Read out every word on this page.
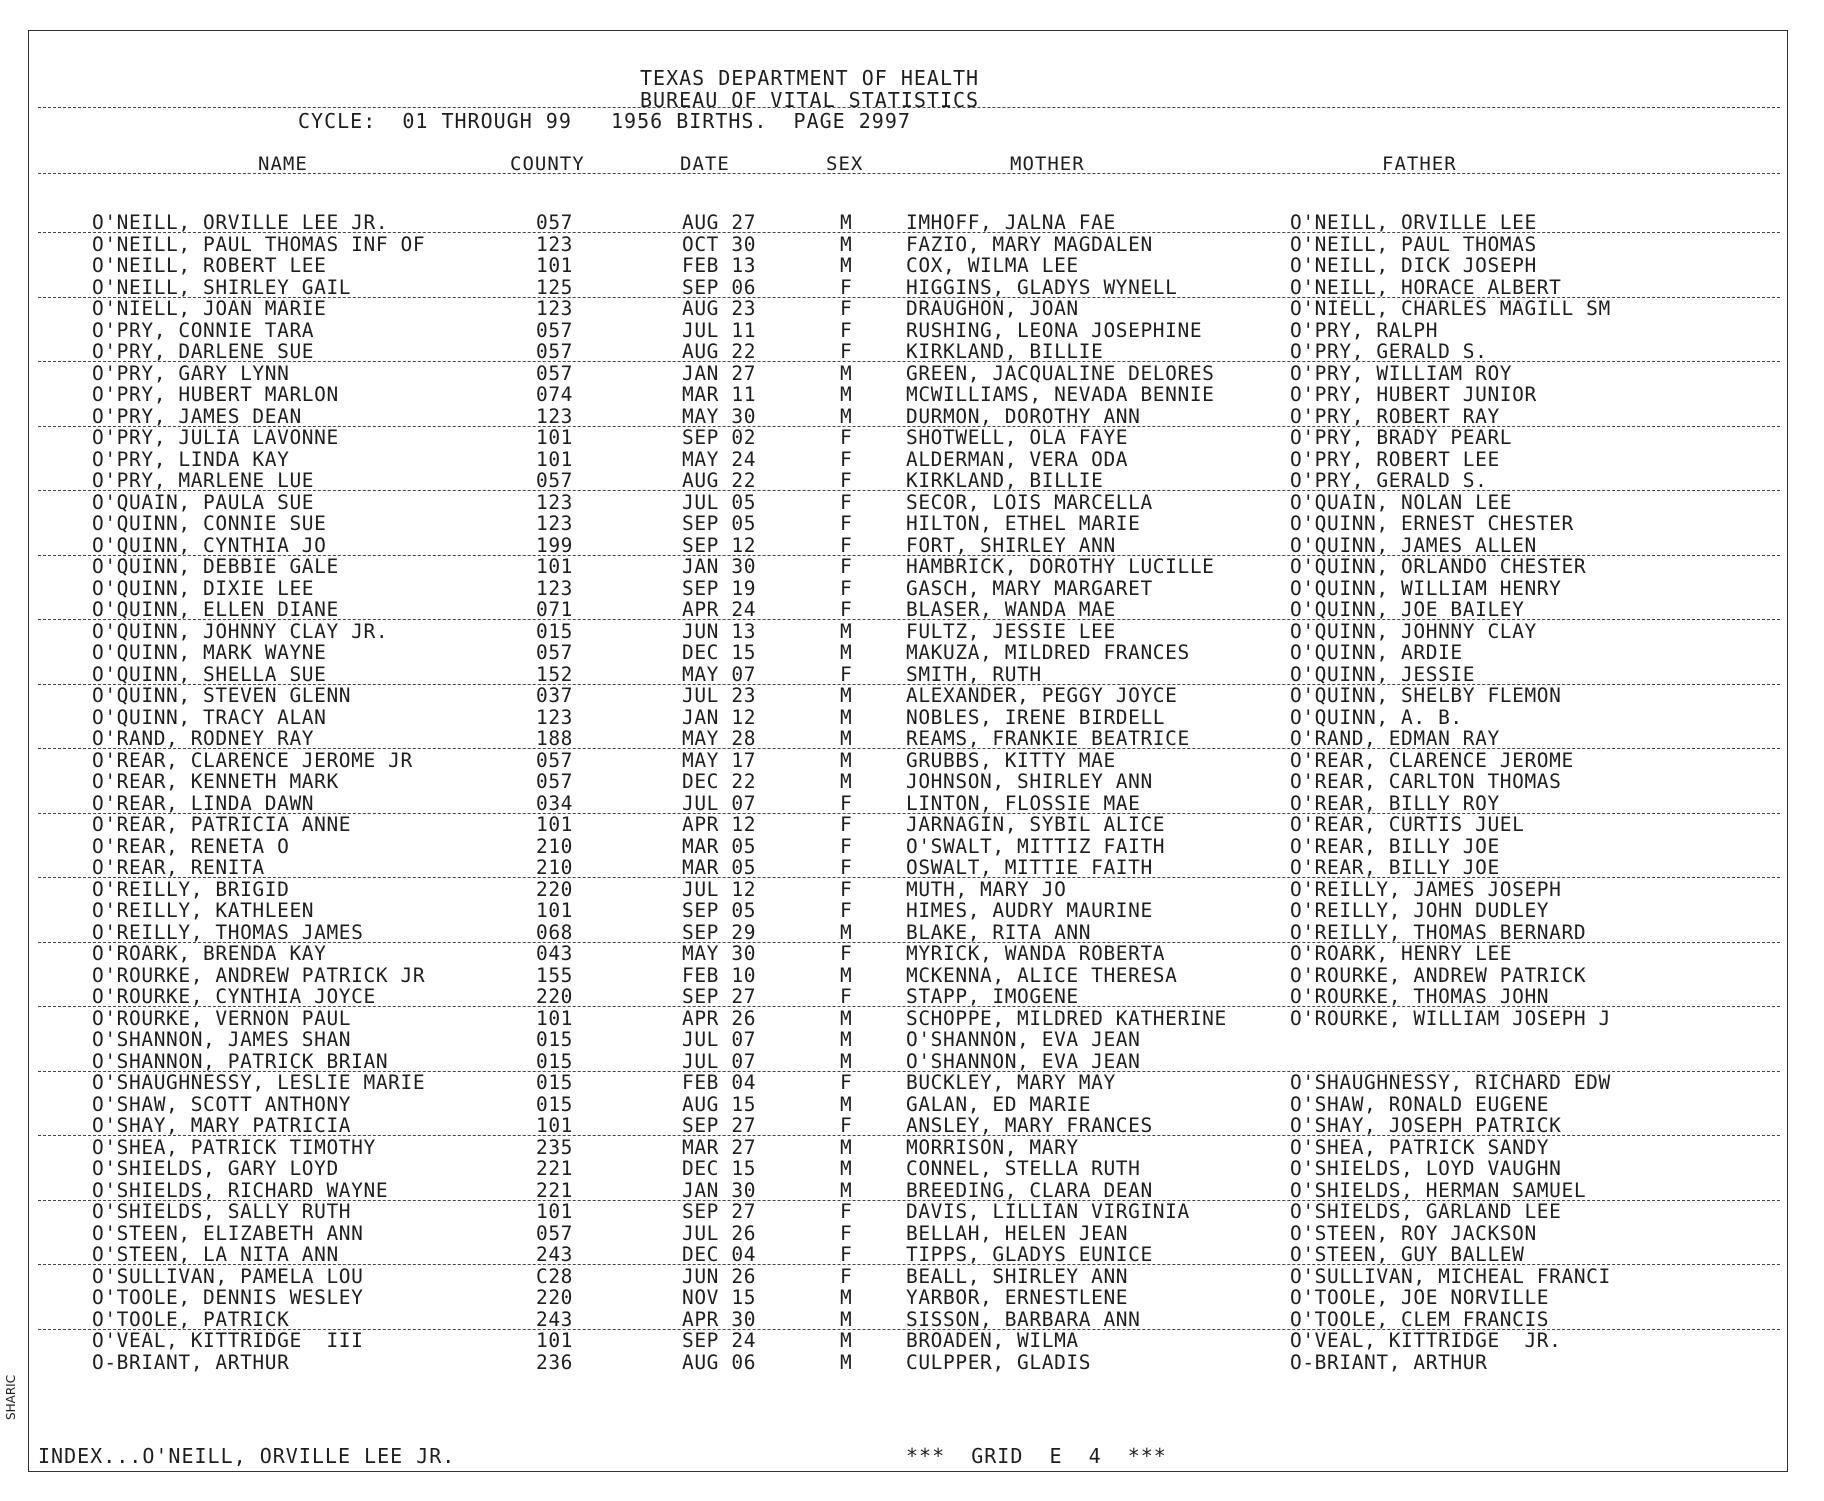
TEXAS DEPARTMENT OF HEALTH
BUREAU OF VITAL STATISTICS
CYCLE:  01 THROUGH 99   1956 BIRTHS.  PAGE 2997
NAME	COUNTY	DATE	SEX	MOTHER	FATHER
O'NEILL, ORVILLE LEE JR.	057	AUG 27	M	IMHOFF, JALNA FAE	O'NEILL, ORVILLE LEE
O'NEILL, PAUL THOMAS INF OF	123	OCT 30	M	FAZIO, MARY MAGDALEN	O'NEILL, PAUL THOMAS
O'NEILL, ROBERT LEE	101	FEB 13	M	COX, WILMA LEE	O'NEILL, DICK JOSEPH
O'NEILL, SHIRLEY GAIL	125	SEP 06	F	HIGGINS, GLADYS WYNELL	O'NEILL, HORACE ALBERT
O'NIELL, JOAN MARIE	123	AUG 23	F	DRAUGHON, JOAN	O'NIELL, CHARLES MAGILL SM
O'PRY, CONNIE TARA	057	JUL 11	F	RUSHING, LEONA JOSEPHINE	O'PRY, RALPH
O'PRY, DARLENE SUE	057	AUG 22	F	KIRKLAND, BILLIE	O'PRY, GERALD S.
O'PRY, GARY LYNN	057	JAN 27	M	GREEN, JACQUALINE DELORES	O'PRY, WILLIAM ROY
O'PRY, HUBERT MARLON	074	MAR 11	M	MCWILLIAMS, NEVADA BENNIE	O'PRY, HUBERT JUNIOR
O'PRY, JAMES DEAN	123	MAY 30	M	DURMON, DOROTHY ANN	O'PRY, ROBERT RAY
O'PRY, JULIA LAVONNE	101	SEP 02	F	SHOTWELL, OLA FAYE	O'PRY, BRADY PEARL
O'PRY, LINDA KAY	101	MAY 24	F	ALDERMAN, VERA ODA	O'PRY, ROBERT LEE
O'PRY, MARLENE LUE	057	AUG 22	F	KIRKLAND, BILLIE	O'PRY, GERALD S.
O'QUAIN, PAULA SUE	123	JUL 05	F	SECOR, LOIS MARCELLA	O'QUAIN, NOLAN LEE
O'QUINN, CONNIE SUE	123	SEP 05	F	HILTON, ETHEL MARIE	O'QUINN, ERNEST CHESTER
O'QUINN, CYNTHIA JO	199	SEP 12	F	FORT, SHIRLEY ANN	O'QUINN, JAMES ALLEN
O'QUINN, DEBBIE GALE	101	JAN 30	F	HAMBRICK, DOROTHY LUCILLE	O'QUINN, ORLANDO CHESTER
O'QUINN, DIXIE LEE	123	SEP 19	F	GASCH, MARY MARGARET	O'QUINN, WILLIAM HENRY
O'QUINN, ELLEN DIANE	071	APR 24	F	BLASER, WANDA MAE	O'QUINN, JOE BAILEY
O'QUINN, JOHNNY CLAY JR.	015	JUN 13	M	FULTZ, JESSIE LEE	O'QUINN, JOHNNY CLAY
O'QUINN, MARK WAYNE	057	DEC 15	M	MAKUZA, MILDRED FRANCES	O'QUINN, ARDIE
O'QUINN, SHELLA SUE	152	MAY 07	F	SMITH, RUTH	O'QUINN, JESSIE
O'QUINN, STEVEN GLENN	037	JUL 23	M	ALEXANDER, PEGGY JOYCE	O'QUINN, SHELBY FLEMON
O'QUINN, TRACY ALAN	123	JAN 12	M	NOBLES, IRENE BIRDELL	O'QUINN, A. B.
O'RAND, RODNEY RAY	188	MAY 28	M	REAMS, FRANKIE BEATRICE	O'RAND, EDMAN RAY
O'REAR, CLARENCE JEROME JR	057	MAY 17	M	GRUBBS, KITTY MAE	O'REAR, CLARENCE JEROME
O'REAR, KENNETH MARK	057	DEC 22	M	JOHNSON, SHIRLEY ANN	O'REAR, CARLTON THOMAS
O'REAR, LINDA DAWN	034	JUL 07	F	LINTON, FLOSSIE MAE	O'REAR, BILLY ROY
O'REAR, PATRICIA ANNE	101	APR 12	F	JARNAGIN, SYBIL ALICE	O'REAR, CURTIS JUEL
O'REAR, RENETA O	210	MAR 05	F	O'SWALT, MITTIZ FAITH	O'REAR, BILLY JOE
O'REAR, RENITA	210	MAR 05	F	OSWALT, MITTIE FAITH	O'REAR, BILLY JOE
O'REILLY, BRIGID	220	JUL 12	F	MUTH, MARY JO	O'REILLY, JAMES JOSEPH
O'REILLY, KATHLEEN	101	SEP 05	F	HIMES, AUDRY MAURINE	O'REILLY, JOHN DUDLEY
O'REILLY, THOMAS JAMES	068	SEP 29	M	BLAKE, RITA ANN	O'REILLY, THOMAS BERNARD
O'ROARK, BRENDA KAY	043	MAY 30	F	MYRICK, WANDA ROBERTA	O'ROARK, HENRY LEE
O'ROURKE, ANDREW PATRICK JR	155	FEB 10	M	MCKENNA, ALICE THERESA	O'ROURKE, ANDREW PATRICK
O'ROURKE, CYNTHIA JOYCE	220	SEP 27	F	STAPP, IMOGENE	O'ROURKE, THOMAS JOHN
O'ROURKE, VERNON PAUL	101	APR 26	M	SCHOPPE, MILDRED KATHERINE	O'ROURKE, WILLIAM JOSEPH J
O'SHANNON, JAMES SHAN	015	JUL 07	M	O'SHANNON, EVA JEAN
O'SHANNON, PATRICK BRIAN	015	JUL 07	M	O'SHANNON, EVA JEAN
O'SHAUGHNESSY, LESLIE MARIE	015	FEB 04	F	BUCKLEY, MARY MAY	O'SHAUGHNESSY, RICHARD EDW
O'SHAW, SCOTT ANTHONY	015	AUG 15	M	GALAN, ED MARIE	O'SHAW, RONALD EUGENE
O'SHAY, MARY PATRICIA	101	SEP 27	F	ANSLEY, MARY FRANCES	O'SHAY, JOSEPH PATRICK
O'SHEA, PATRICK TIMOTHY	235	MAR 27	M	MORRISON, MARY	O'SHEA, PATRICK SANDY
O'SHIELDS, GARY LOYD	221	DEC 15	M	CONNEL, STELLA RUTH	O'SHIELDS, LOYD VAUGHN
O'SHIELDS, RICHARD WAYNE	221	JAN 30	M	BREEDING, CLARA DEAN	O'SHIELDS, HERMAN SAMUEL
O'SHIELDS, SALLY RUTH	101	SEP 27	F	DAVIS, LILLIAN VIRGINIA	O'SHIELDS, GARLAND LEE
O'STEEN, ELIZABETH ANN	057	JUL 26	F	BELLAH, HELEN JEAN	O'STEEN, ROY JACKSON
O'STEEN, LA NITA ANN	243	DEC 04	F	TIPPS, GLADYS EUNICE	O'STEEN, GUY BALLEW
O'SULLIVAN, PAMELA LOU	C28	JUN 26	F	BEALL, SHIRLEY ANN	O'SULLIVAN, MICHEAL FRANCI
O'TOOLE, DENNIS WESLEY	220	NOV 15	M	YARBOR, ERNESTLENE	O'TOOLE, JOE NORVILLE
O'TOOLE, PATRICK	243	APR 30	M	SISSON, BARBARA ANN	O'TOOLE, CLEM FRANCIS
O'VEAL, KITTRIDGE  III	101	SEP 24	M	BROADEN, WILMA	O'VEAL, KITTRIDGE  JR.
O-BRIANT, ARTHUR	236	AUG 06	M	CULPPER, GLADIS	O-BRIANT, ARTHUR
INDEX...O'NEILL, ORVILLE LEE JR.	***  GRID  E  4  ***
SHARIC
